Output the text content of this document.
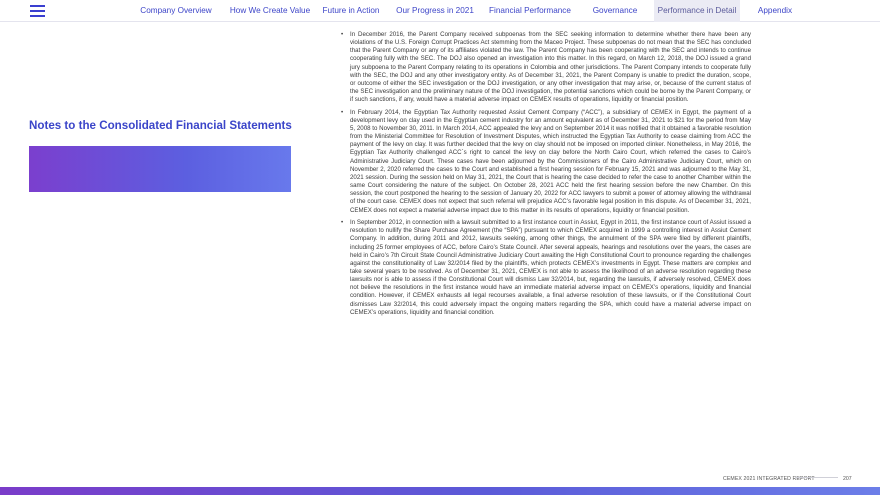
Company Overview	How We Create Value	Future in Action	Our Progress in 2021	Financial Performance	Governance	Performance in Detail	Appendix
Notes to the Consolidated Financial Statements
• In December 2016, the Parent Company received subpoenas from the SEC seeking information to determine whether there have been any violations of the U.S. Foreign Corrupt Practices Act stemming from the Maceo Project. These subpoenas do not mean that the SEC has concluded that the Parent Company or any of its affiliates violated the law. The Parent Company has been cooperating with the SEC and intends to continue cooperating fully with the SEC. The DOJ also opened an investigation into this matter. In this regard, on March 12, 2018, the DOJ issued a grand jury subpoena to the Parent Company relating to its operations in Colombia and other jurisdictions. The Parent Company intends to cooperate fully with the SEC, the DOJ and any other investigatory entity. As of December 31, 2021, the Parent Company is unable to predict the duration, scope, or outcome of either the SEC investigation or the DOJ investigation, or any other investigation that may arise, or, because of the current status of the SEC investigation and the preliminary nature of the DOJ investigation, the potential sanctions which could be borne by the Parent Company, or if such sanctions, if any, would have a material adverse impact on CEMEX results of operations, liquidity or financial position.
• In February 2014, the Egyptian Tax Authority requested Assiut Cement Company (“ACC”), a subsidiary of CEMEX in Egypt, the payment of a development levy on clay used in the Egyptian cement industry for an amount equivalent as of December 31, 2021 to $21 for the period from May 5, 2008 to November 30, 2011. In March 2014, ACC appealed the levy and on September 2014 it was notified that it obtained a favorable resolution from the Ministerial Committee for Resolution of Investment Disputes, which instructed the Egyptian Tax Authority to cease claiming from ACC the payment of the levy on clay. It was further decided that the levy on clay should not be imposed on imported clinker. Nonetheless, in May 2016, the Egyptian Tax Authority challenged ACC´s right to cancel the levy on clay before the North Cairo Court, which referred the cases to Cairo’s Administrative Judiciary Court. These cases have been adjourned by the Commissioners of the Cairo Administrative Judiciary Court, which on November 2, 2020 referred the cases to the Court and established a first hearing session for February 15, 2021 and was adjourned to the May 31, 2021 session. During the session held on May 31, 2021, the Court that is hearing the case decided to refer the case to another Chamber within the same Court considering the nature of the subject. On October 28, 2021 ACC held the first hearing session before the new Chamber. On this session, the court postponed the hearing to the session of January 20, 2022 for ACC lawyers to submit a power of attorney allowing the withdrawal of the court case. CEMEX does not expect that such referral will prejudice ACC’s favorable legal position in this dispute. As of December 31, 2021, CEMEX does not expect a material adverse impact due to this matter in its results of operations, liquidity or financial position.
• In September 2012, in connection with a lawsuit submitted to a first instance court in Assiut, Egypt in 2011, the first instance court of Assiut issued a resolution to nullify the Share Purchase Agreement (the “SPA”) pursuant to which CEMEX acquired in 1999 a controlling interest in Assiut Cement Company. In addition, during 2011 and 2012, lawsuits seeking, among other things, the annulment of the SPA were filed by different plaintiffs, including 25 former employees of ACC, before Cairo’s State Council. After several appeals, hearings and resolutions over the years, the cases are held in Cairo’s 7th Circuit State Council Administrative Judiciary Court awaiting the High Constitutional Court to pronounce regarding the challenges against the constitutionality of Law 32/2014 filed by the plaintiffs, which protects CEMEX’s investments in Egypt. These matters are complex and take several years to be resolved. As of December 31, 2021, CEMEX is not able to assess the likelihood of an adverse resolution regarding these lawsuits nor is able to assess if the Constitutional Court will dismiss Law 32/2014, but, regarding the lawsuits, if adversely resolved, CEMEX does not believe the resolutions in the first instance would have an immediate material adverse impact on CEMEX’s operations, liquidity and financial condition. However, if CEMEX exhausts all legal recourses available, a final adverse resolution of these lawsuits, or if the Constitutional Court dismisses Law 32/2014, this could adversely impact the ongoing matters regarding the SPA, which could have a material adverse impact on CEMEX’s operations, liquidity and financial condition.
CEMEX 2021 INTEGRATED REPORT	207
